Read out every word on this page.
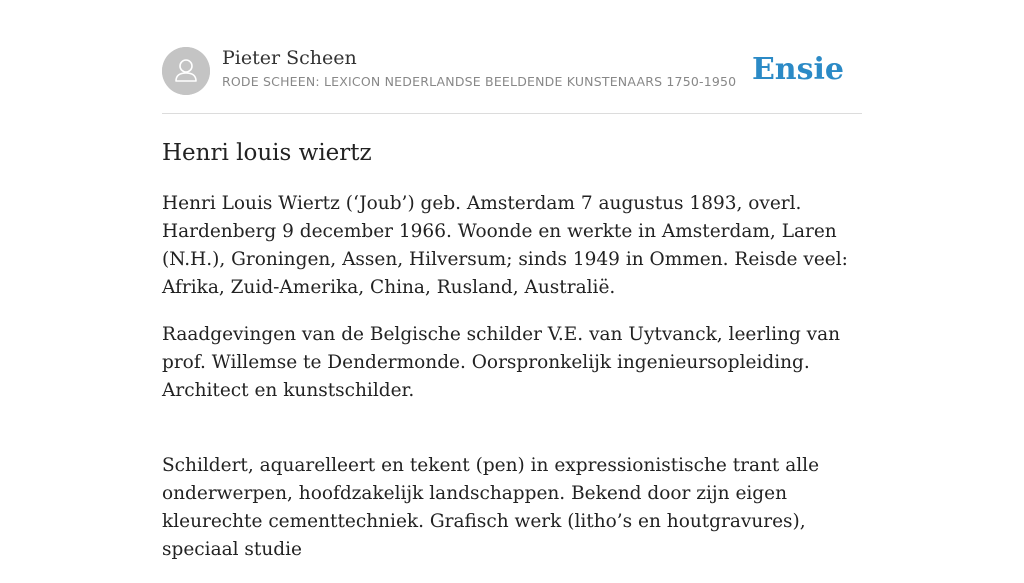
Pieter Scheen
RODE SCHEEN: LEXICON NEDERLANDSE BEELDENDE KUNSTENAARS 1750-1950 Ensie
Henri louis wiertz

Henri Louis Wiertz (‘Joub’) geb. Amsterdam 7 augustus 1893, overl. Hardenberg 9 december 1966. Woonde en werkte in Amsterdam, Laren (N.H.), Groningen, Assen, Hilversum; sinds 1949 in Ommen. Reisde veel: Afrika, Zuid-Amerika, China, Rusland, Australië.

Raadgevingen van de Belgische schilder V.E. van Uytvanck, leerling van prof. Willemse te Dendermonde. Oorspronkelijk ingenieursopleiding. Architect en kunstschilder.

Schildert, aquarelleert en tekent (pen) in expressionistische trant alle onderwerpen, hoofdzakelijk landschappen. Bekend door zijn eigen kleurechte cementtechniek. Grafisch werk (litho’s en houtgravures), speciaal studie
